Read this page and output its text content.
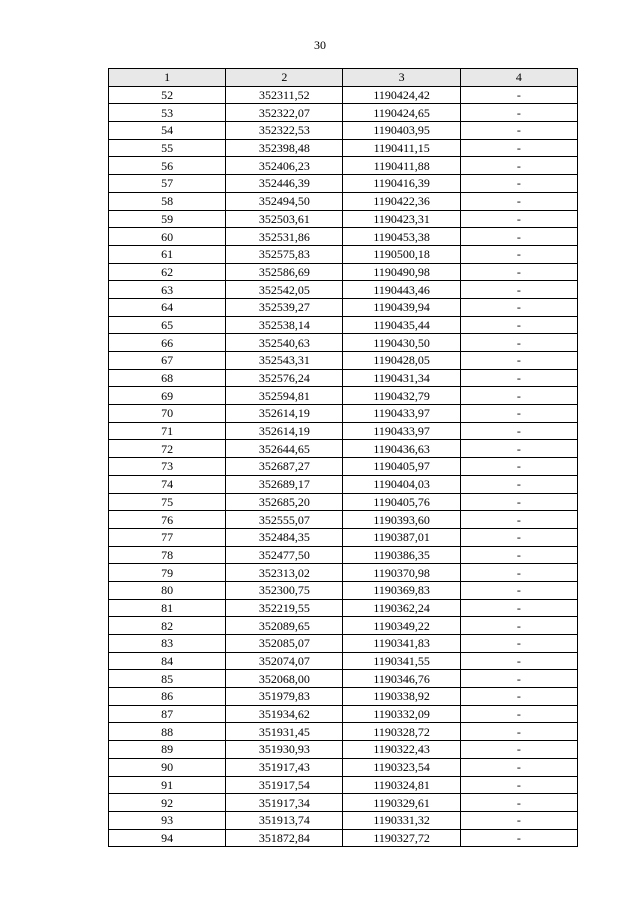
30
1	2	3	4
52	352311,52	1190424,42	-
53	352322,07	1190424,65	-
54	352322,53	1190403,95	-
55	352398,48	1190411,15	-
56	352406,23	1190411,88	-
57	352446,39	1190416,39	-
58	352494,50	1190422,36	-
59	352503,61	1190423,31	-
60	352531,86	1190453,38	-
61	352575,83	1190500,18	-
62	352586,69	1190490,98	-
63	352542,05	1190443,46	-
64	352539,27	1190439,94	-
65	352538,14	1190435,44	-
66	352540,63	1190430,50	-
67	352543,31	1190428,05	-
68	352576,24	1190431,34	-
69	352594,81	1190432,79	-
70	352614,19	1190433,97	-
71	352614,19	1190433,97	-
72	352644,65	1190436,63	-
73	352687,27	1190405,97	-
74	352689,17	1190404,03	-
75	352685,20	1190405,76	-
76	352555,07	1190393,60	-
77	352484,35	1190387,01	-
78	352477,50	1190386,35	-
79	352313,02	1190370,98	-
80	352300,75	1190369,83	-
81	352219,55	1190362,24	-
82	352089,65	1190349,22	-
83	352085,07	1190341,83	-
84	352074,07	1190341,55	-
85	352068,00	1190346,76	-
86	351979,83	1190338,92	-
87	351934,62	1190332,09	-
88	351931,45	1190328,72	-
89	351930,93	1190322,43	-
90	351917,43	1190323,54	-
91	351917,54	1190324,81	-
92	351917,34	1190329,61	-
93	351913,74	1190331,32	-
94	351872,84	1190327,72	-
